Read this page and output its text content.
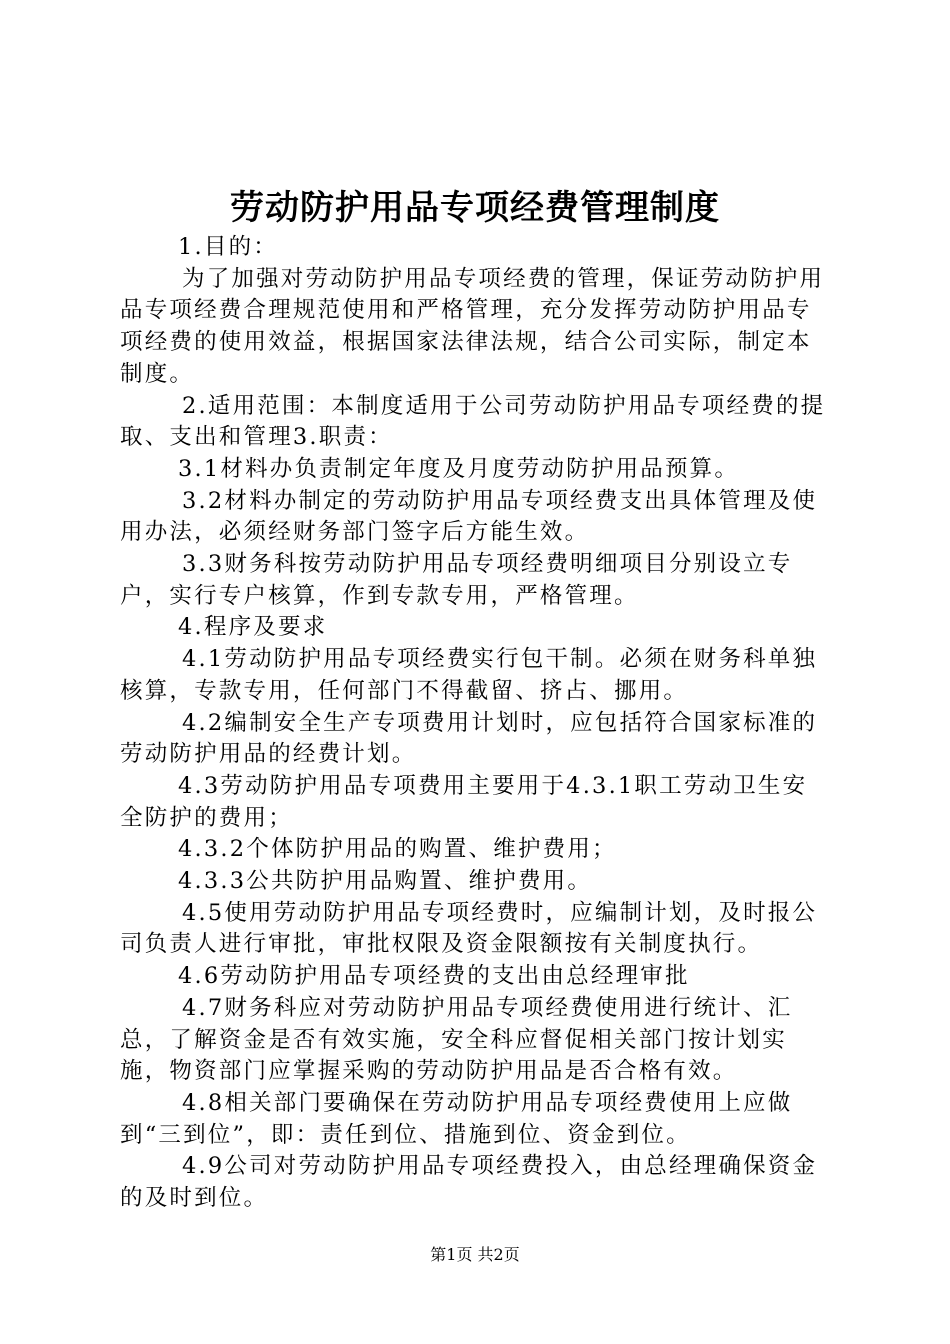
劳动防护用品专项经费管理制度

1.目的：

为了加强对劳动防护用品专项经费的管理，保证劳动防护用品专项经费合理规范使用和严格管理，充分发挥劳动防护用品专项经费的使用效益，根据国家法律法规，结合公司实际，制定本制度。

2.适用范围：本制度适用于公司劳动防护用品专项经费的提取、支出和管理3.职责：

3.1材料办负责制定年度及月度劳动防护用品预算。

3.2材料办制定的劳动防护用品专项经费支出具体管理及使用办法，必须经财务部门签字后方能生效。

3.3财务科按劳动防护用品专项经费明细项目分别设立专户，实行专户核算，作到专款专用，严格管理。

4.程序及要求

4.1劳动防护用品专项经费实行包干制。必须在财务科单独核算，专款专用，任何部门不得截留、挤占、挪用。

4.2编制安全生产专项费用计划时，应包括符合国家标准的劳动防护用品的经费计划。

4.3劳动防护用品专项费用主要用于4.3.1职工劳动卫生安全防护的费用；

4.3.2个体防护用品的购置、维护费用；

4.3.3公共防护用品购置、维护费用。

4.5使用劳动防护用品专项经费时，应编制计划，及时报公司负责人进行审批，审批权限及资金限额按有关制度执行。

4.6劳动防护用品专项经费的支出由总经理审批

4.7财务科应对劳动防护用品专项经费使用进行统计、汇总，了解资金是否有效实施，安全科应督促相关部门按计划实施，物资部门应掌握采购的劳动防护用品是否合格有效。

4.8相关部门要确保在劳动防护用品专项经费使用上应做到“三到位”，即：责任到位、措施到位、资金到位。

4.9公司对劳动防护用品专项经费投入，由总经理确保资金的及时到位。

第1页 共2页
